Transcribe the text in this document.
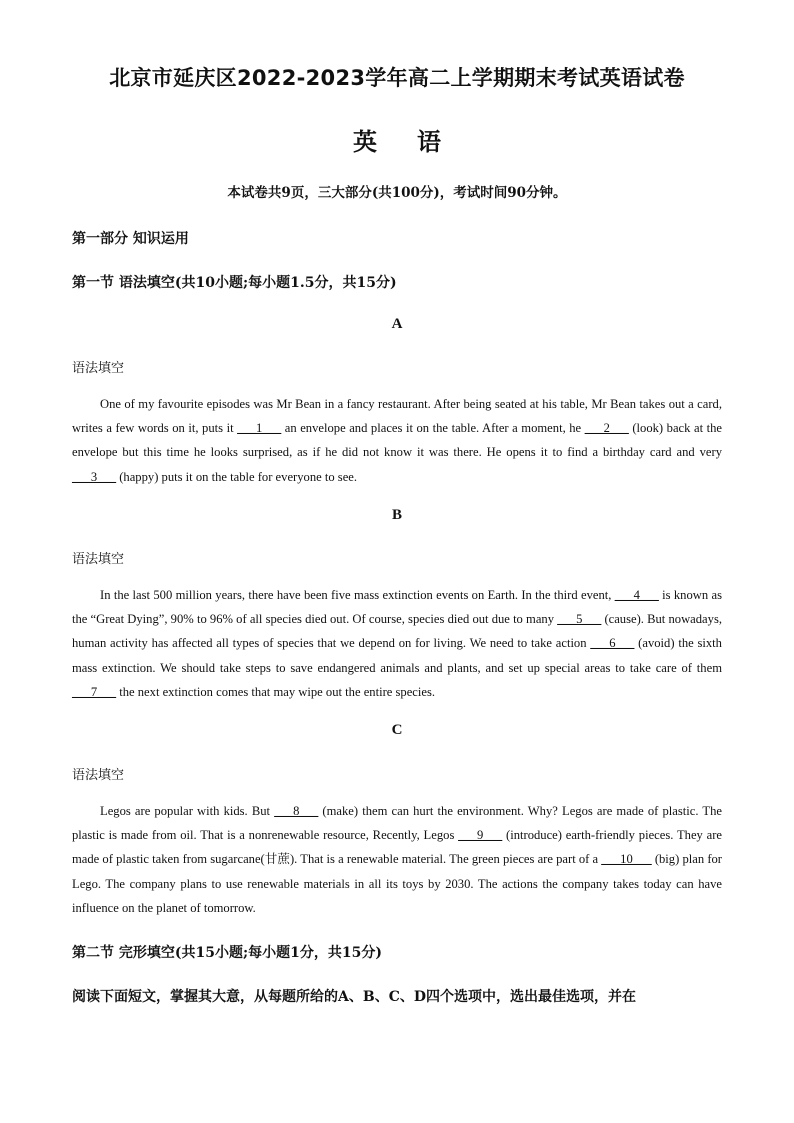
北京市延庆区2022-2023学年高二上学期期末考试英语试卷
英语
本试卷共9页，三大部分(共100分)，考试时间90分钟。
第一部分 知识运用
第一节 语法填空(共10小题;每小题1.5分，共15分)
A
语法填空
One of my favourite episodes was Mr Bean in a fancy restaurant. After being seated at his table, Mr Bean takes out a card, writes a few words on it, puts it ___1___ an envelope and places it on the table. After a moment, he ___2___ (look) back at the envelope but this time he looks surprised, as if he did not know it was there. He opens it to find a birthday card and very ___3___ (happy) puts it on the table for everyone to see.
B
语法填空
In the last 500 million years, there have been five mass extinction events on Earth. In the third event, ___4___ is known as the “Great Dying”, 90% to 96% of all species died out. Of course, species died out due to many ___5___ (cause). But nowadays, human activity has affected all types of species that we depend on for living. We need to take action ___6___ (avoid) the sixth mass extinction. We should take steps to save endangered animals and plants, and set up special areas to take care of them ___7___ the next extinction comes that may wipe out the entire species.
C
语法填空
Legos are popular with kids. But ___8___ (make) them can hurt the environment. Why? Legos are made of plastic. The plastic is made from oil. That is a nonrenewable resource, Recently, Legos ___9___ (introduce) earth-friendly pieces. They are made of plastic taken from sugarcane(甘蔗). That is a renewable material. The green pieces are part of a ___10___ (big) plan for Lego. The company plans to use renewable materials in all its toys by 2030. The actions the company takes today can have influence on the planet of tomorrow.
第二节 完形填空(共15小题;每小题1分，共15分)
阅读下面短文，掌握其大意，从每题所给的A、B、C、D四个选项中，选出最佳选项，并在
